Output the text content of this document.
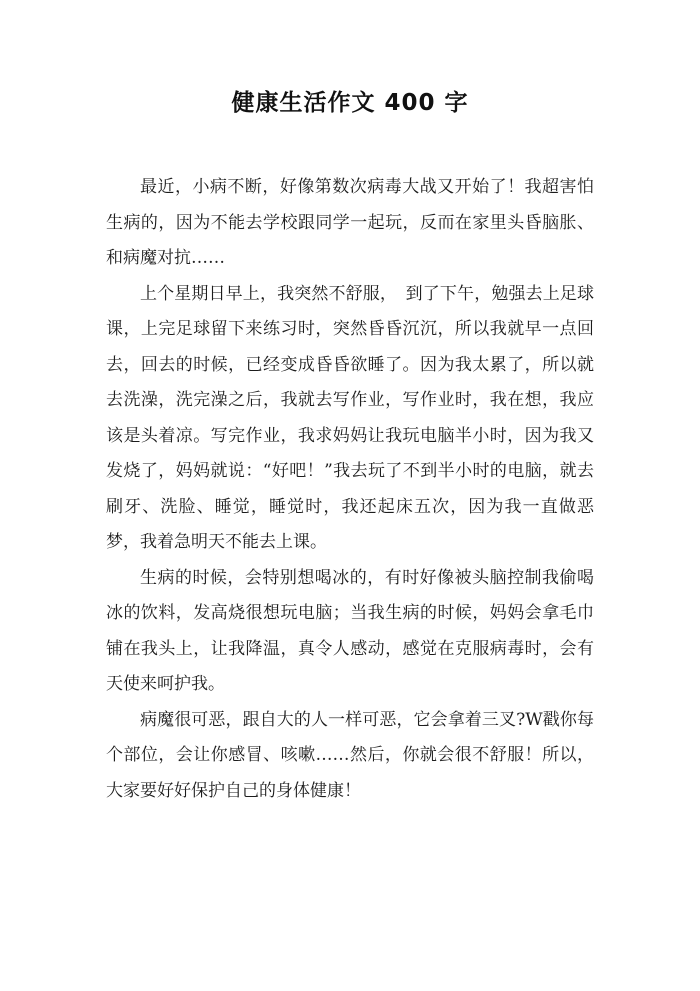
健康生活作文 400 字

最近，小病不断，好像第数次病毒大战又开始了！我超害怕生病的，因为不能去学校跟同学一起玩，反而在家里头昏脑胀、和病魔对抗……

上个星期日早上，我突然不舒服，　到了下午，勉强去上足球课，上完足球留下来练习时，突然昏昏沉沉，所以我就早一点回去，回去的时候，已经变成昏昏欲睡了。因为我太累了，所以就去洗澡，洗完澡之后，我就去写作业，写作业时，我在想，我应该是头着凉。写完作业，我求妈妈让我玩电脑半小时，因为我又发烧了，妈妈就说：“好吧！”我去玩了不到半小时的电脑，就去刷牙、洗脸、睡觉，睡觉时，我还起床五次，因为我一直做恶梦，我着急明天不能去上课。

生病的时候，会特别想喝冰的，有时好像被头脑控制我偷喝冰的饮料，发高烧很想玩电脑；当我生病的时候，妈妈会拿毛巾铺在我头上，让我降温，真令人感动，感觉在克服病毒时，会有天使来呵护我。

病魔很可恶，跟自大的人一样可恶，它会拿着三叉?W戳你每个部位，会让你感冒、咳嗽……然后，你就会很不舒服！所以，大家要好好保护自己的身体健康！
